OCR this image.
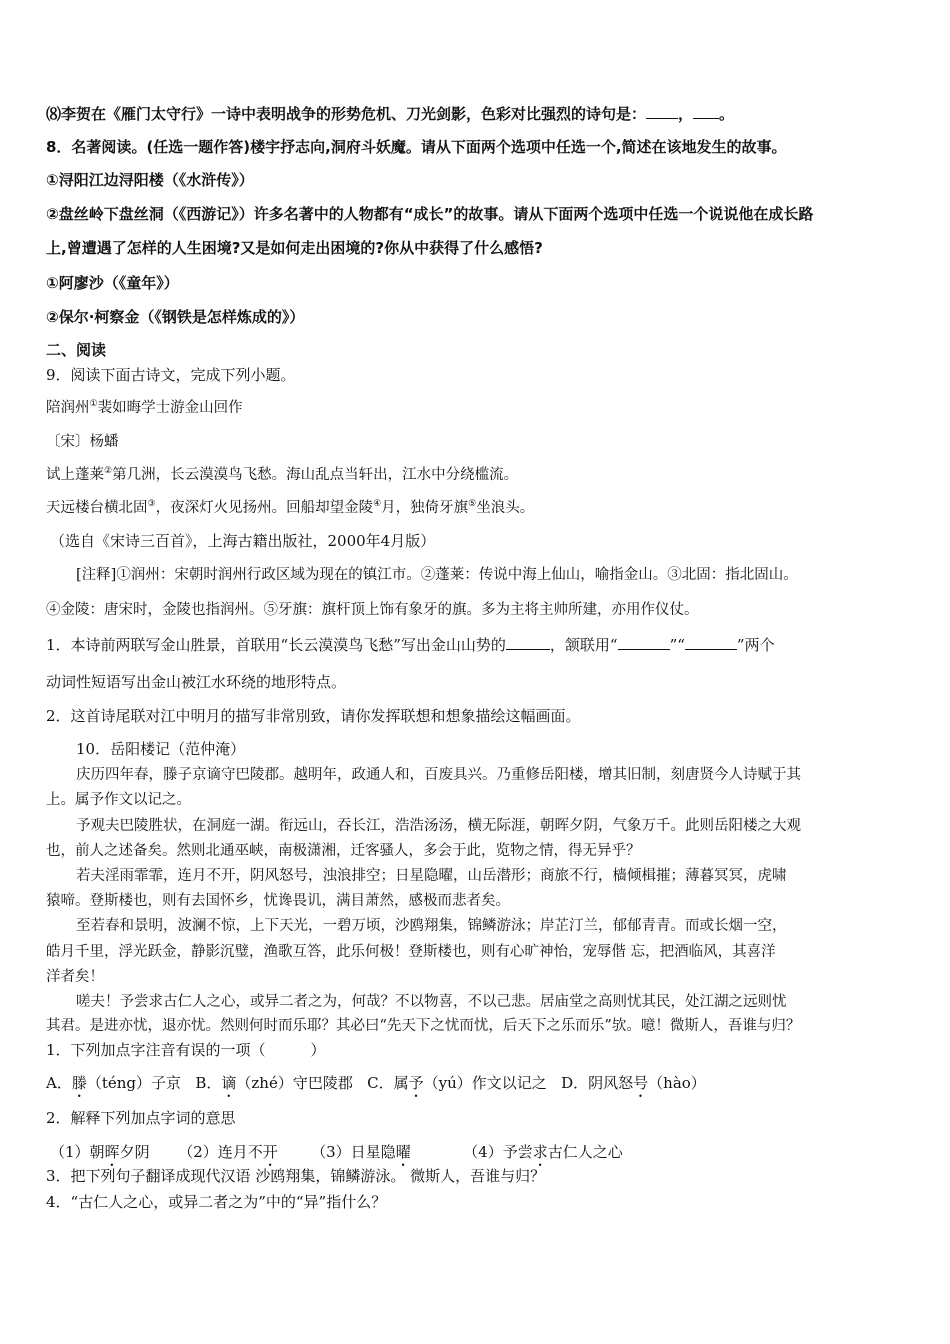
⑻李贺在《雁门太守行》一诗中表明战争的形势危机、刀光剑影，色彩对比强烈的诗句是： ， 。
8．名著阅读。(任选一题作答)楼宇抒志向,洞府斗妖魔。请从下面两个选项中任选一个,简述在该地发生的故事。
①浔阳江边浔阳楼（《水浒传》）
②盘丝岭下盘丝洞（《西游记》）许多名著中的人物都有“成长”的故事。请从下面两个选项中任选一个说说他在成长路
上,曾遭遇了怎样的人生困境?又是如何走出困境的?你从中获得了什么感悟?
①阿廖沙（《童年》）
②保尔·柯察金（《钢铁是怎样炼成的》）
二、阅读
9．阅读下面古诗文，完成下列小题。
陪润州①裴如晦学士游金山回作
〔宋〕杨蟠
试上蓬莱②第几洲，长云漠漠鸟飞愁。海山乱点当轩出，江水中分绕槛流。
天远楼台横北固③，夜深灯火见扬州。回船却望金陵④月，独倚牙旗⑤坐浪头。
（选自《宋诗三百首》，上海古籍出版社，2000年4月版）
[注释]①润州：宋朝时润州行政区域为现在的镇江市。②蓬莱：传说中海上仙山，喻指金山。③北固：指北固山。
④金陵：唐宋时，金陵也指润州。⑤牙旗：旗杆顶上饰有象牙的旗。多为主将主帅所建，亦用作仪仗。
1．本诗前两联写金山胜景，首联用“长云漠漠鸟飞愁”写出金山山势的	，颔联用“	”“	”两个
动词性短语写出金山被江水环绕的地形特点。
2．这首诗尾联对江中明月的描写非常別致，请你发挥联想和想象描绘这幅画面。
10．岳阳楼记（范仲淹）
庆历四年春，滕子京谪守巴陵郡。越明年，政通人和，百废具兴。乃重修岳阳楼，增其旧制，刻唐贤今人诗赋于其
上。属予作文以记之。
予观夫巴陵胜状，在洞庭一湖。衔远山，吞长江，浩浩汤汤，横无际涯，朝晖夕阴，气象万千。此则岳阳楼之大观
也，前人之述备矣。然则北通巫峡，南极潇湘，迁客骚人，多会于此，览物之情，得无异乎？
若夫淫雨霏霏，连月不开，阴风怒号，浊浪排空；日星隐曜，山岳潜形；商旅不行，樯倾楫摧；薄暮冥冥，虎啸
猿啼。登斯楼也，则有去国怀乡，忧谗畏讥，满目萧然，感极而悲者矣。
至若春和景明，波澜不惊，上下天光，一碧万顷，沙鸥翔集，锦鳞游泳；岸芷汀兰，郁郁青青。而或长烟一空，
皓月千里，浮光跃金，静影沉璧，渔歌互答，此乐何极！登斯楼也，则有心旷神怡，宠辱偕 忘，把酒临风，其喜洋
洋者矣！
嗟夫！予尝求古仁人之心，或异二者之为，何哉？不以物喜，不以己悲。居庙堂之高则忧其民，处江湖之远则忧
其君。是进亦忧，退亦忧。然则何时而乐耶？其必曰“先天下之忧而忧，后天下之乐而乐”欤。噫！微斯人，吾谁与归？
1．下列加点字注音有误的一项（　　　）
A．滕（téng）子京 B．谪（zhé）守巴陵郡 C．属予（yú）作文以记之 D．阴风怒号（hào）
2．解释下列加点字词的意思
（1）朝晖夕阴 （2）连月不开 （3）日星隐曜	（4）予尝求古仁人之心
3．把下列句子翻译成现代汉语 沙鸥翔集，锦鳞游泳。 微斯人，吾谁与归？
4．“古仁人之心，或异二者之为”中的“异”指什么？
